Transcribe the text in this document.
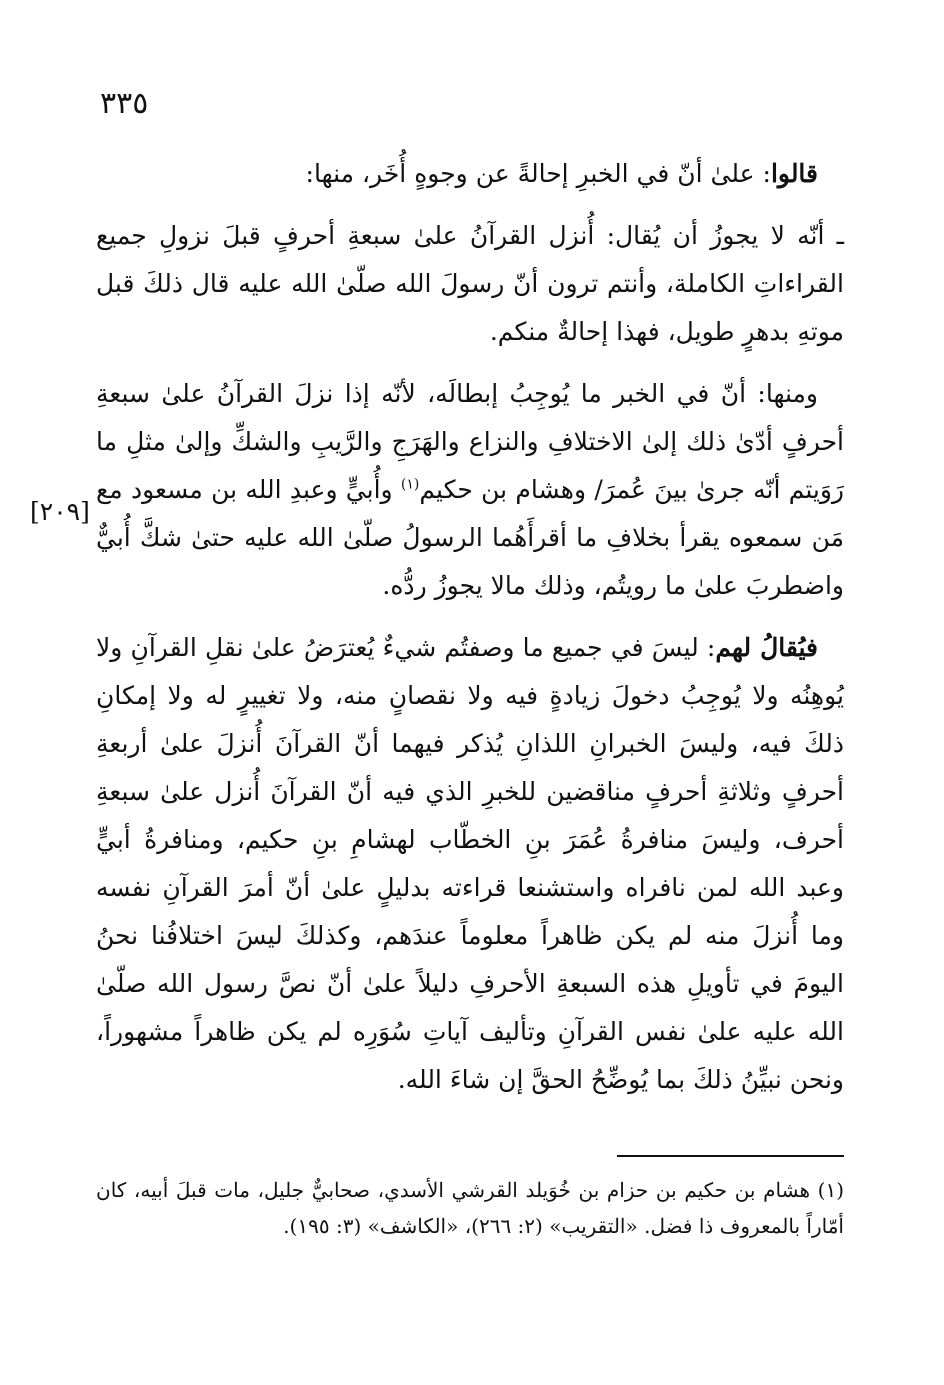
٣٣٥
[٢٠٩]

قالوا: علىٰ أنّ في الخبرِ إحالةً عن وجوهٍ أُخَر، منها:

ـ أنّه لا يجوزُ أن يُقال: أُنزل القرآنُ علىٰ سبعةِ أحرفٍ قبلَ نزولِ جميع القراءاتِ الكاملة، وأنتم ترون أنّ رسولَ الله صلّىٰ الله عليه قال ذلكَ قبل موتهِ بدهرٍ طويل، فهذا إحالةٌ منكم.

ومنها: أنّ في الخبر ما يُوجِبُ إبطالَه، لأنّه إذا نزلَ القرآنُ علىٰ سبعةِ أحرفٍ أدّىٰ ذلك إلىٰ الاختلافِ والنزاع والهَرَجِ والرَّيبِ والشكِّ وإلىٰ مثلِ ما رَوَيتم أنّه جرىٰ بينَ عُمرَ/ وهشام بن حكيم$^{(١)}$ وأُبيٍّ وعبدِ الله بن مسعود مع مَن سمعوه يقرأ بخلافِ ما أقرأَهُما الرسولُ صلّىٰ الله عليه حتىٰ شكَّ أُبيٌّ واضطربَ علىٰ ما رويتُم، وذلك مالا يجوزُ ردُّه.

فيُقالُ لهم: ليسَ في جميع ما وصفتُم شيءٌ يُعترَضُ علىٰ نقلِ القرآنِ ولا يُوهِنُه ولا يُوجِبُ دخولَ زيادةٍ فيه ولا نقصانٍ منه، ولا تغييرٍ له ولا إمكانِ ذلكَ فيه، وليسَ الخبرانِ اللذانِ يُذكر فيهما أنّ القرآنَ أُنزلَ علىٰ أربعةِ أحرفٍ وثلاثةِ أحرفٍ مناقضين للخبرِ الذي فيه أنّ القرآنَ أُنزل علىٰ سبعةِ أحرف، وليسَ منافرةُ عُمَرَ بنِ الخطّاب لهشامِ بنِ حكيم، ومنافرةُ أبيٍّ وعبد الله لمن نافراه واستشنعا قراءته بدليلٍ علىٰ أنّ أمرَ القرآنِ نفسه وما أُنزلَ منه لم يكن ظاهراً معلوماً عندَهم، وكذلكَ ليسَ اختلافُنا نحنُ اليومَ في تأويلِ هذه السبعةِ الأحرفِ دليلاً علىٰ أنّ نصَّ رسول الله صلّىٰ الله عليه علىٰ نفس القرآنِ وتأليف آياتِ سُوَرِه لم يكن ظاهراً مشهوراً، ونحن نبيِّنُ ذلكَ بما يُوضِّحُ الحقَّ إن شاءَ الله.

(١) هشام بن حكيم بن حزام بن خُوَيلد القرشي الأسدي، صحابيٌّ جليل، مات قبلَ أبيه، كان أمّاراً بالمعروف ذا فضل. «التقريب» (٢: ٢٦٦)، «الكاشف» (٣: ١٩٥).
